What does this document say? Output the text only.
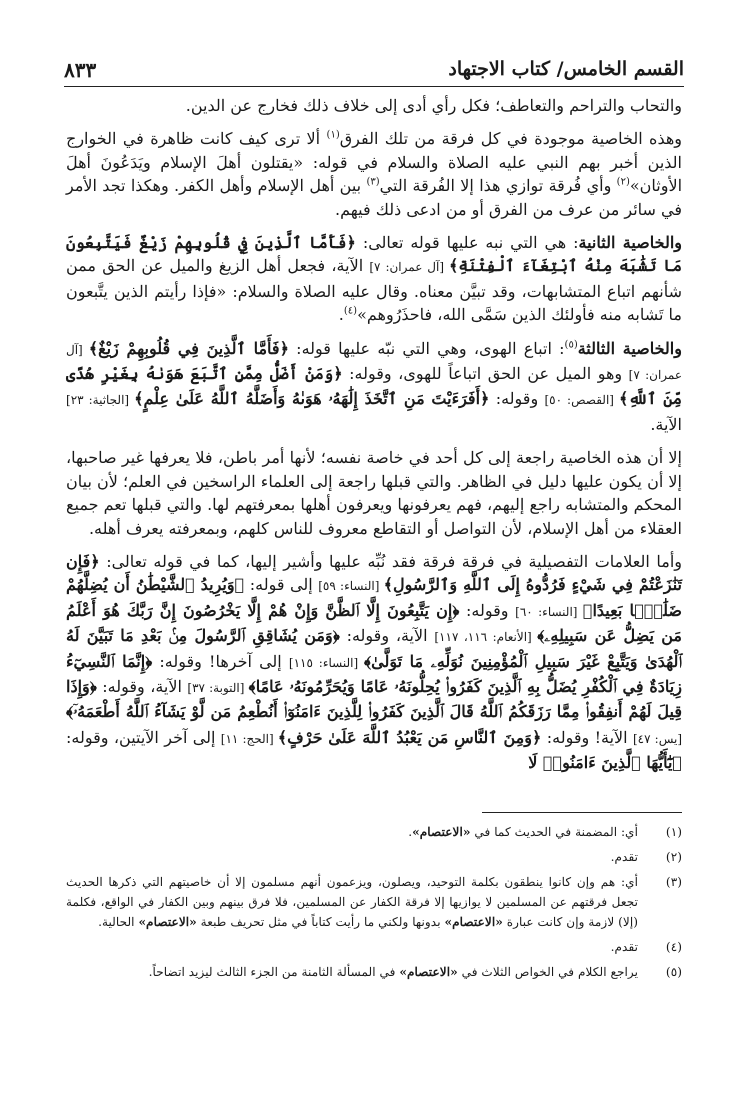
القسم الخامس/ كتاب الاجتهاد
٨٣٣

والتحاب والتراحم والتعاطف؛ فكل رأي أدى إلى خلاف ذلك فخارج عن الدين.

وهذه الخاصية موجودة في كل فرقة من تلك الفرق$^{(١)}$ ألا ترى كيف كانت ظاهرة في الخوارج الذين أخبر بهم النبي عليه الصلاة والسلام في قوله: «يقتلون أهلَ الإسلام ويَدَعُونَ أهلَ الأوثان»$^{(٢)}$ وأي فُرقة توازي هذا إلا الفُرقة التي$^{(٣)}$ بين أهل الإسلام وأهل الكفر. وهكذا تجد الأمر في سائر من عرف من الفرق أو من ادعى ذلك فيهم.

والخاصية الثانية: هي التي نبه عليها قوله تعالى: ﴿فَأَمَّا ٱلَّذِينَ فِي قُلُوبِهِمْ زَيْغٌ فَيَتَّبِعُونَ مَا تَشَٰبَهَ مِنْهُ ٱبْتِغَآءَ ٱلْفِتْنَةِ﴾ [آل عمران: ٧] الآية، فجعل أهل الزيغ والميل عن الحق ممن شأنهم اتباع المتشابهات، وقد تبيَّن معناه. وقال عليه الصلاة والسلام: «فإذا رأيتم الذين يتَّبعون ما تَشابه منه فأولئك الذين سَمَّى الله، فاحذَرُوهم»$^{(٤)}$.

والخاصية الثالثة$^{(٥)}$: اتباع الهوى، وهي التي نبّه عليها قوله: ﴿فَأَمَّا ٱلَّذِينَ فِي قُلُوبِهِمْ زَيْغٌ﴾ [آل عمران: ٧] وهو الميل عن الحق اتباعاً للهوى، وقوله: ﴿وَمَنْ أَضَلُّ مِمَّنِ ٱتَّبَعَ هَوَىٰهُ بِغَيْرِ هُدًى مِّنَ ٱللَّهِ﴾ [القصص: ٥٠] وقوله: ﴿أَفَرَءَيْتَ مَنِ ٱتَّخَذَ إِلَٰهَهُۥ هَوَىٰهُ وَأَضَلَّهُ ٱللَّهُ عَلَىٰ عِلْمٍ﴾ [الجاثية: ٢٣] الآية.

إلا أن هذه الخاصية راجعة إلى كل أحد في خاصة نفسه؛ لأنها أمر باطن، فلا يعرفها غير صاحبها، إلا أن يكون عليها دليل في الظاهر. والتي قبلها راجعة إلى العلماء الراسخين في العلم؛ لأن بيان المحكم والمتشابه راجع إليهم، فهم يعرفونها ويعرفون أهلها بمعرفتهم لها. والتي قبلها تعم جميع العقلاء من أهل الإسلام، لأن التواصل أو التقاطع معروف للناس كلهم، وبمعرفته يعرف أهله.

وأما العلامات التفصيلية في فرقة فرقة فقد نُبِّه عليها وأشير إليها، كما في قوله تعالى: ﴿فَإِن تَنَٰزَعْتُمْ فِي شَيْءٍ فَرُدُّوهُ إِلَى ٱللَّهِ وَٱلرَّسُولِ﴾ [النساء: ٥٩] إلى قوله: ﴿وَيُرِيدُ ٱلشَّيْطَٰنُ أَن يُضِلَّهُمْ ضَلَٰلًۢا بَعِيدًا﴾ [النساء: ٦٠] وقوله: ﴿إِن يَتَّبِعُونَ إِلَّا ٱلظَّنَّ وَإِنْ هُمْ إِلَّا يَخْرُصُونَ إِنَّ رَبَّكَ هُوَ أَعْلَمُ مَن يَضِلُّ عَن سَبِيلِهِۦ﴾ [الأنعام: ١١٦، ١١٧] الآية، وقوله: ﴿وَمَن يُشَاقِقِ ٱلرَّسُولَ مِنۢ بَعْدِ مَا تَبَيَّنَ لَهُ ٱلْهُدَىٰ وَيَتَّبِعْ غَيْرَ سَبِيلِ ٱلْمُؤْمِنِينَ نُوَلِّهِۦ مَا تَوَلَّىٰ﴾ [النساء: ١١٥] إلى آخرها! وقوله: ﴿إِنَّمَا ٱلنَّسِيٓءُ زِيَادَةٌ فِي ٱلْكُفْرِ يُضَلُّ بِهِ ٱلَّذِينَ كَفَرُوا۟ يُحِلُّونَهُۥ عَامًا وَيُحَرِّمُونَهُۥ عَامًا﴾ [التوبة: ٣٧] الآية، وقوله: ﴿وَإِذَا قِيلَ لَهُمْ أَنفِقُوا۟ مِمَّا رَزَقَكُمُ ٱللَّهُ قَالَ ٱلَّذِينَ كَفَرُوا۟ لِلَّذِينَ ءَامَنُوٓا۟ أَنُطْعِمُ مَن لَّوْ يَشَآءُ ٱللَّهُ أَطْعَمَهُۥٓ﴾ [يس: ٤٧] الآية! وقوله: ﴿وَمِنَ ٱلنَّاسِ مَن يَعْبُدُ ٱللَّهَ عَلَىٰ حَرْفٍ﴾ [الحج: ١١] إلى آخر الآيتين، وقوله: ﴿يَٰٓأَيُّهَا ٱلَّذِينَ ءَامَنُوا۟ لَا

(١)
أي: المضمنة في الحديث كما في «الاعتصام».
(٢)
تقدم.
(٣)
أي: هم وإن كانوا ينطقون بكلمة التوحيد، ويصلون، ويزعمون أنهم مسلمون إلا أن خاصيتهم التي ذكرها الحديث تجعل فرقتهم عن المسلمين لا يوازيها إلا فرقة الكفار عن المسلمين، فلا فرق بينهم وبين الكفار في الواقع، فكلمة (إلا) لازمة وإن كانت عبارة «الاعتصام» بدونها ولكني ما رأيت كتاباً في مثل تحريف طبعة «الاعتصام» الحالية.
(٤)
تقدم.
(٥)
يراجع الكلام في الخواص الثلاث في «الاعتصام» في المسألة الثامنة من الجزء الثالث ليزيد اتضاحاً.
